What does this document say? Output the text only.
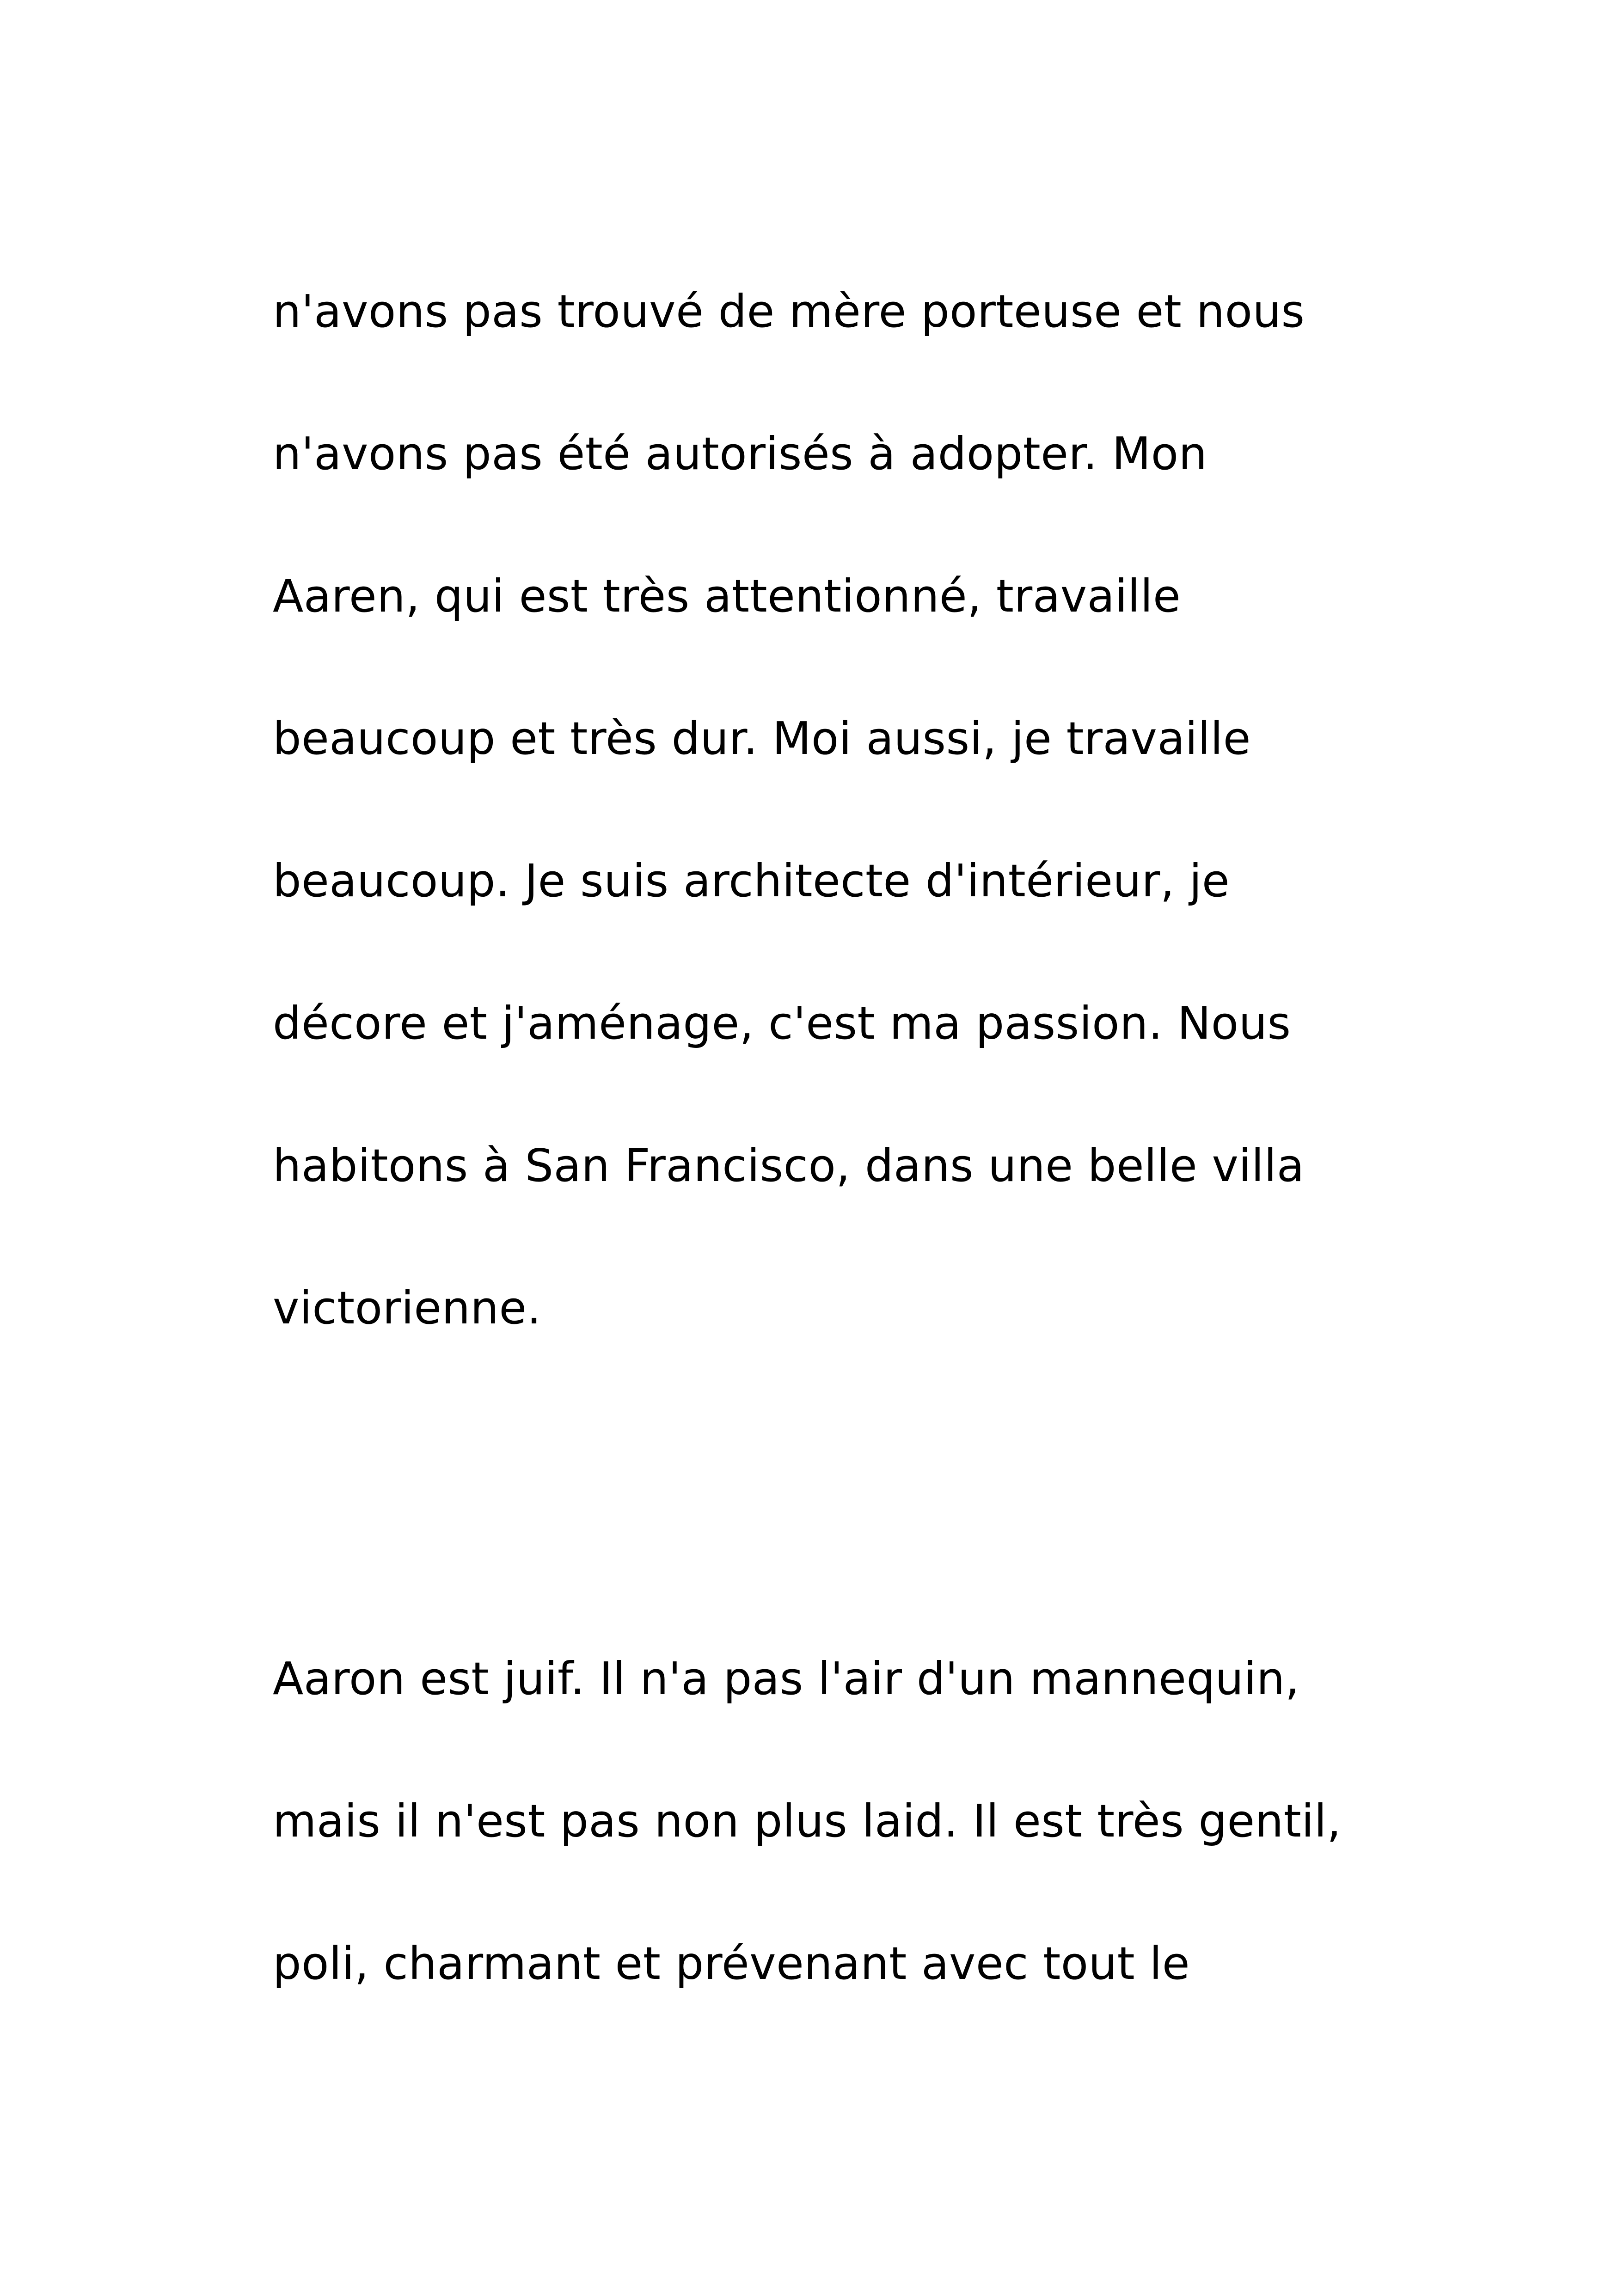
n'avons pas trouvé de mère porteuse et nous
n'avons pas été autorisés à adopter. Mon
Aaren, qui est très attentionné, travaille
beaucoup et très dur. Moi aussi, je travaille
beaucoup. Je suis architecte d'intérieur, je
décore et j'aménage, c'est ma passion. Nous
habitons à San Francisco, dans une belle villa
victorienne.
Aaron est juif. Il n'a pas l'air d'un mannequin,
mais il n'est pas non plus laid. Il est très gentil,
poli, charmant et prévenant avec tout le
